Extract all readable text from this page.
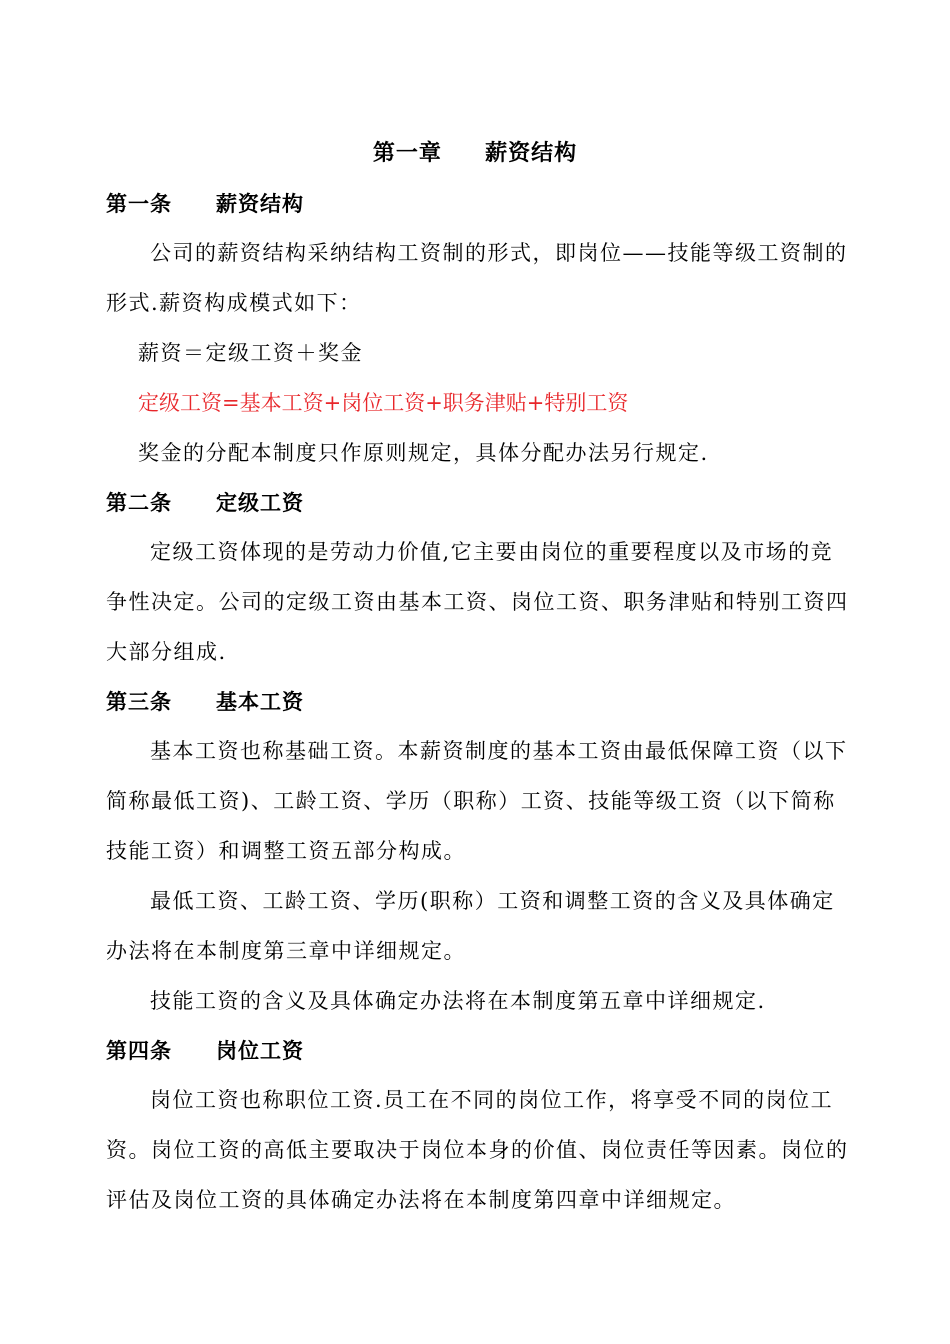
第一章     薪资结构
第一条 薪资结构
公司的薪资结构采纳结构工资制的形式，即岗位——技能等级工资制的
形式.薪资构成模式如下：
薪资＝定级工资＋奖金
定级工资=基本工资+岗位工资+职务津贴+特别工资
奖金的分配本制度只作原则规定，具体分配办法另行规定.
第二条 定级工资
定级工资体现的是劳动力价值,它主要由岗位的重要程度以及市场的竞
争性决定。公司的定级工资由基本工资、岗位工资、职务津贴和特别工资四
大部分组成.
第三条 基本工资
基本工资也称基础工资。本薪资制度的基本工资由最低保障工资（以下
简称最低工资)、工龄工资、学历（职称）工资、技能等级工资（以下简称
技能工资）和调整工资五部分构成。
最低工资、工龄工资、学历(职称）工资和调整工资的含义及具体确定
办法将在本制度第三章中详细规定。
技能工资的含义及具体确定办法将在本制度第五章中详细规定.
第四条 岗位工资
岗位工资也称职位工资.员工在不同的岗位工作，将享受不同的岗位工
资。岗位工资的高低主要取决于岗位本身的价值、岗位责任等因素。岗位的
评估及岗位工资的具体确定办法将在本制度第四章中详细规定。
